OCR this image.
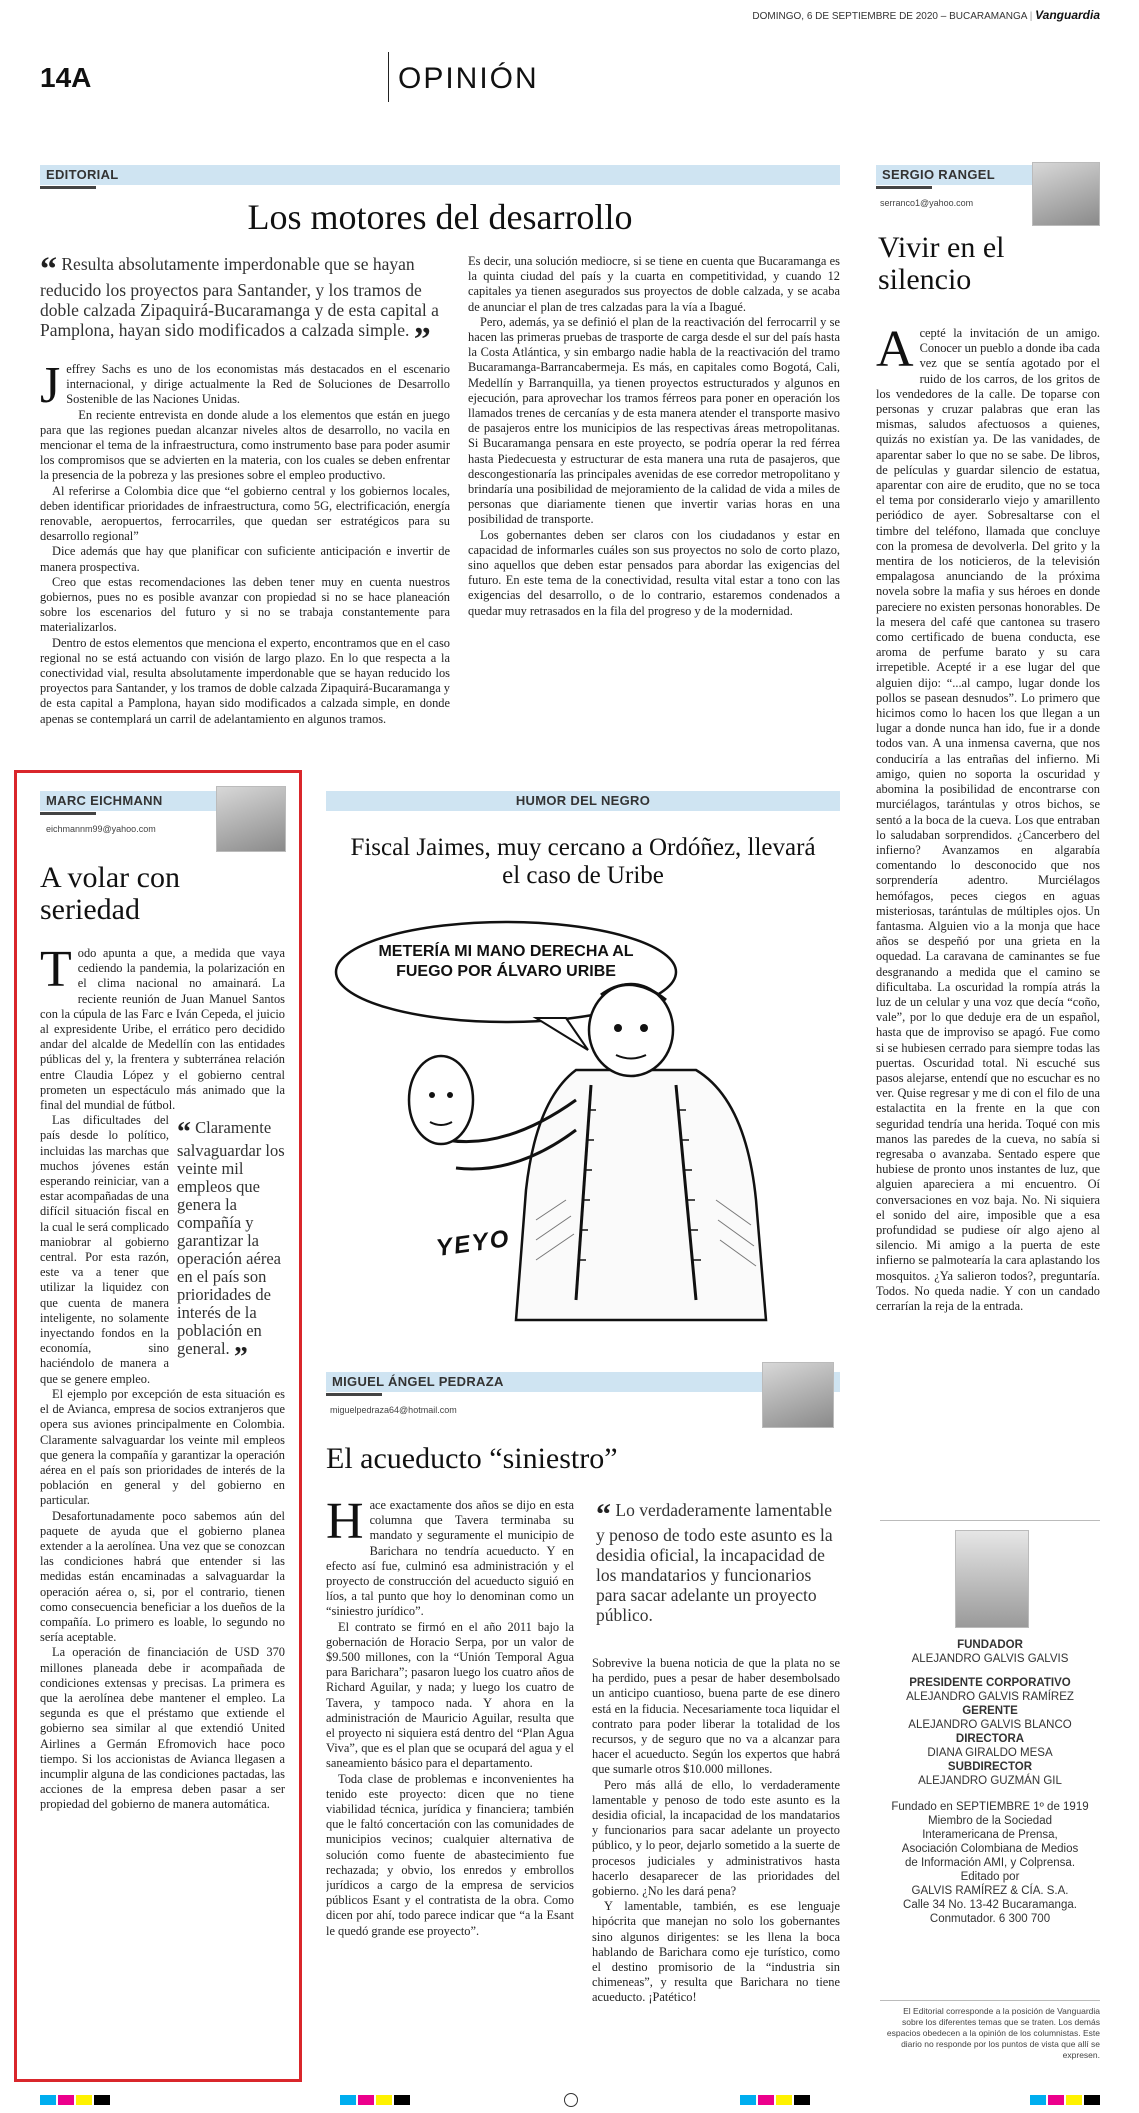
DOMINGO, 6 DE SEPTIEMBRE DE 2020 – BUCARAMANGA | Vanguardia
14A	OPINIÓN
EDITORIAL
Los motores del desarrollo
“ Resulta absolutamente imperdonable que se hayan reducido los proyectos para Santander, y los tramos de doble calzada Zipaquirá-Bucaramanga y de esta capital a Pamplona, hayan sido modificados a calzada simple. ”

Jeffrey Sachs es uno de los economistas más destacados en el escenario internacional, y dirige actualmente la Red de Soluciones de Desarrollo Sostenible de las Naciones Unidas.

En reciente entrevista en donde alude a los elementos que están en juego para que las regiones puedan alcanzar niveles altos de desarrollo, no vacila en mencionar el tema de la infraestructura, como instrumento base para poder asumir los compromisos que se advierten en la materia, con los cuales se deben enfrentar la presencia de la pobreza y las presiones sobre el empleo productivo.

Al referirse a Colombia dice que “el gobierno central y los gobiernos locales, deben identificar prioridades de infraestructura, como 5G, electrificación, energía renovable, aeropuertos, ferrocarriles, que quedan ser estratégicos para su desarrollo regional”

Dice además que hay que planificar con suficiente anticipación e invertir de manera prospectiva.

Creo que estas recomendaciones las deben tener muy en cuenta nuestros gobiernos, pues no es posible avanzar con propiedad si no se hace planeación sobre los escenarios del futuro y si no se trabaja constantemente para materializarlos.

Dentro de estos elementos que menciona el experto, encontramos que en el caso regional no se está actuando con visión de largo plazo. En lo que respecta a la conectividad vial, resulta absolutamente imperdonable que se hayan reducido los proyectos para Santander, y los tramos de doble calzada Zipaquirá-Bucaramanga y de esta capital a Pamplona, hayan sido modificados a calzada simple, en donde apenas se contemplará un carril de adelantamiento en algunos tramos.

Es decir, una solución mediocre, si se tiene en cuenta que Bucaramanga es la quinta ciudad del país y la cuarta en competitividad, y cuando 12 capitales ya tienen asegurados sus proyectos de doble calzada, y se acaba de anunciar el plan de tres calzadas para la vía a Ibagué.

Pero, además, ya se definió el plan de la reactivación del ferrocarril y se hacen las primeras pruebas de trasporte de carga desde el sur del país hasta la Costa Atlántica, y sin embargo nadie habla de la reactivación del tramo Bucaramanga-Barrancabermeja. Es más, en capitales como Bogotá, Cali, Medellín y Barranquilla, ya tienen proyectos estructurados y algunos en ejecución, para aprovechar los tramos férreos para poner en operación los llamados trenes de cercanías y de esta manera atender el transporte masivo de pasajeros entre los municipios de las respectivas áreas metropolitanas. Si Bucaramanga pensara en este proyecto, se podría operar la red férrea hasta Piedecuesta y estructurar de esta manera una ruta de pasajeros, que descongestionaría las principales avenidas de ese corredor metropolitano y brindaría una posibilidad de mejoramiento de la calidad de vida a miles de personas que diariamente tienen que invertir varias horas en una posibilidad de transporte.

Los gobernantes deben ser claros con los ciudadanos y estar en capacidad de informarles cuáles son sus proyectos no solo de corto plazo, sino aquellos que deben estar pensados para abordar las exigencias del futuro. En este tema de la conectividad, resulta vital estar a tono con las exigencias del desarrollo, o de lo contrario, estaremos condenados a quedar muy retrasados en la fila del progreso y de la modernidad.

SERGIO RANGEL
serranco1@yahoo.com
Vivir en el silencio

Acepté la invitación de un amigo. Conocer un pueblo a donde iba cada vez que se sentía agotado por el ruido de los carros, de los gritos de los vendedores de la calle. De toparse con personas y cruzar palabras que eran las mismas, saludos afectuosos a quienes, quizás no existían ya. De las vanidades, de aparentar saber lo que no se sabe. De libros, de películas y guardar silencio de estatua, aparentar con aire de erudito, que no se toca el tema por considerarlo viejo y amarillento periódico de ayer. Sobresaltarse con el timbre del teléfono, llamada que concluye con la promesa de devolverla. Del grito y la mentira de los noticieros, de la televisión empalagosa anunciando de la próxima novela sobre la mafia y sus héroes en donde pareciere no existen personas honorables. De la mesera del café que cantonea su trasero como certificado de buena conducta, ese aroma de perfume barato y su cara irrepetible. Acepté ir a ese lugar del que alguien dijo: “...al campo, lugar donde los pollos se pasean desnudos”. Lo primero que hicimos como lo hacen los que llegan a un lugar a donde nunca han ido, fue ir a donde todos van. A una inmensa caverna, que nos conduciría a las entrañas del infierno. Mi amigo, quien no soporta la oscuridad y abomina la posibilidad de encontrarse con murciélagos, tarántulas y otros bichos, se sentó a la boca de la cueva. Los que entraban lo saludaban sorprendidos. ¿Cancerbero del infierno? Avanzamos en algarabía comentando lo desconocido que nos sorprendería adentro. Murciélagos hemófagos, peces ciegos en aguas misteriosas, tarántulas de múltiples ojos. Un fantasma. Alguien vio a la monja que hace años se despeñó por una grieta en la oquedad. La caravana de caminantes se fue desgranando a medida que el camino se dificultaba. La oscuridad la rompía atrás la luz de un celular y una voz que decía “coño, vale”, por lo que deduje era de un español, hasta que de improviso se apagó. Fue como si se hubiesen cerrado para siempre todas las puertas. Oscuridad total. Ni escuché sus pasos alejarse, entendí que no escuchar es no ver. Quise regresar y me di con el filo de una estalactita en la frente en la que con seguridad tendría una herida. Toqué con mis manos las paredes de la cueva, no sabía si regresaba o avanzaba. Sentado espere que hubiese de pronto unos instantes de luz, que alguien apareciera a mi encuentro. Oí conversaciones en voz baja. No. Ni siquiera el sonido del aire, imposible que a esa profundidad se pudiese oír algo ajeno al silencio. Mi amigo a la puerta de este infierno se palmotearía la cara aplastando los mosquitos. ¿Ya salieron todos?, preguntaría. Todos. No queda nadie. Y con un candado cerrarían la reja de la entrada.

MARC EICHMANN
eichmannm99@yahoo.com
A volar con seriedad

Todo apunta a que, a medida que vaya cediendo la pandemia, la polarización en el clima nacional no amainará. La reciente reunión de Juan Manuel Santos con la cúpula de las Farc e Iván Cepeda, el juicio al expresidente Uribe, el errático pero decidido andar del alcalde de Medellín con las entidades públicas del y, la frentera y subterránea relación entre Claudia López y el gobierno central prometen un espectáculo más animado que la final del mundial de fútbol.

“ Claramente salvaguardar los veinte mil empleos que genera la compañía y garantizar la operación aérea en el país son prioridades de interés de la población en general. ”

Las dificultades del país desde lo político, incluidas las marchas que muchos jóvenes están esperando reiniciar, van a estar acompañadas de una difícil situación fiscal en la cual le será complicado maniobrar al gobierno central. Por esta razón, este va a tener que utilizar la liquidez con que cuenta de manera inteligente, no solamente inyectando fondos en la economía, sino haciéndolo de manera a que se genere empleo.

El ejemplo por excepción de esta situación es el de Avianca, empresa de socios extranjeros que opera sus aviones principalmente en Colombia. Claramente salvaguardar los veinte mil empleos que genera la compañía y garantizar la operación aérea en el país son prioridades de interés de la población en general y del gobierno en particular.

Desafortunadamente poco sabemos aún del paquete de ayuda que el gobierno planea extender a la aerolínea. Una vez que se conozcan las condiciones habrá que entender si las medidas están encaminadas a salvaguardar la operación aérea o, si, por el contrario, tienen como consecuencia beneficiar a los dueños de la compañía. Lo primero es loable, lo segundo no sería aceptable.

La operación de financiación de USD 370 millones planeada debe ir acompañada de condiciones extensas y precisas. La primera es que la aerolínea debe mantener el empleo. La segunda es que el préstamo que extiende el gobierno sea similar al que extendió United Airlines a Germán Efromovich hace poco tiempo. Si los accionistas de Avianca llegasen a incumplir alguna de las condiciones pactadas, las acciones de la empresa deben pasar a ser propiedad del gobierno de manera automática.

HUMOR DEL NEGRO
Fiscal Jaimes, muy cercano a Ordóñez, llevará el caso de Uribe
METERÍA MI MANO DERECHA AL FUEGO POR ÁLVARO URIBE
YEYO
MIGUEL ÁNGEL PEDRAZA
miguelpedraza64@hotmail.com
El acueducto “siniestro”

Hace exactamente dos años se dijo en esta columna que Tavera terminaba su mandato y seguramente el municipio de Barichara no tendría acueducto. Y en efecto así fue, culminó esa administración y el proyecto de construcción del acueducto siguió en líos, a tal punto que hoy lo denominan como un “siniestro jurídico”.

El contrato se firmó en el año 2011 bajo la gobernación de Horacio Serpa, por un valor de $9.500 millones, con la “Unión Temporal Agua para Barichara”; pasaron luego los cuatro años de Richard Aguilar, y nada; y luego los cuatro de Tavera, y tampoco nada. Y ahora en la administración de Mauricio Aguilar, resulta que el proyecto ni siquiera está dentro del “Plan Agua Viva”, que es el plan que se ocupará del agua y el saneamiento básico para el departamento.

Toda clase de problemas e inconvenientes ha tenido este proyecto: dicen que no tiene viabilidad técnica, jurídica y financiera; también que le faltó concertación con las comunidades de municipios vecinos; cualquier alternativa de solución como fuente de abastecimiento fue rechazada; y obvio, los enredos y embrollos jurídicos a cargo de la empresa de servicios públicos Esant y el contratista de la obra. Como dicen por ahí, todo parece indicar que “a la Esant le quedó grande ese proyecto”.

“ Lo verdaderamente lamentable y penoso de todo este asunto es la desidia oficial, la incapacidad de los mandatarios y funcionarios para sacar adelante un proyecto público.

Sobrevive la buena noticia de que la plata no se ha perdido, pues a pesar de haber desembolsado un anticipo cuantioso, buena parte de ese dinero está en la fiducia. Necesariamente toca liquidar el contrato para poder liberar la totalidad de los recursos, y de seguro que no va a alcanzar para hacer el acueducto. Según los expertos que habrá que sumarle otros $10.000 millones.

Pero más allá de ello, lo verdaderamente lamentable y penoso de todo este asunto es la desidia oficial, la incapacidad de los mandatarios y funcionarios para sacar adelante un proyecto público, y lo peor, dejarlo sometido a la suerte de procesos judiciales y administrativos hasta hacerlo desaparecer de las prioridades del gobierno. ¿No les dará pena?

Y lamentable, también, es ese lenguaje hipócrita que manejan no solo los gobernantes sino algunos dirigentes: se les llena la boca hablando de Barichara como eje turístico, como el destino promisorio de la “industria sin chimeneas”, y resulta que Barichara no tiene acueducto. ¡Patético!

FUNDADOR
ALEJANDRO GALVIS GALVIS
PRESIDENTE CORPORATIVO
ALEJANDRO GALVIS RAMÍREZ
GERENTE
ALEJANDRO GALVIS BLANCO
DIRECTORA
DIANA GIRALDO MESA
SUBDIRECTOR
ALEJANDRO GUZMÁN GIL
Fundado en SEPTIEMBRE 1º de 1919
Miembro de la Sociedad
Interamericana de Prensa,
Asociación Colombiana de Medios
de Información AMI, y Colprensa.
Editado por
GALVIS RAMÍREZ & CÍA. S.A.
Calle 34 No. 13-42 Bucaramanga.
Conmutador. 6 300 700
El Editorial corresponde a la posición de Vanguardia sobre los diferentes temas que se traten. Los demás espacios obedecen a la opinión de los columnistas. Este diario no responde por los puntos de vista que allí se expresen.
